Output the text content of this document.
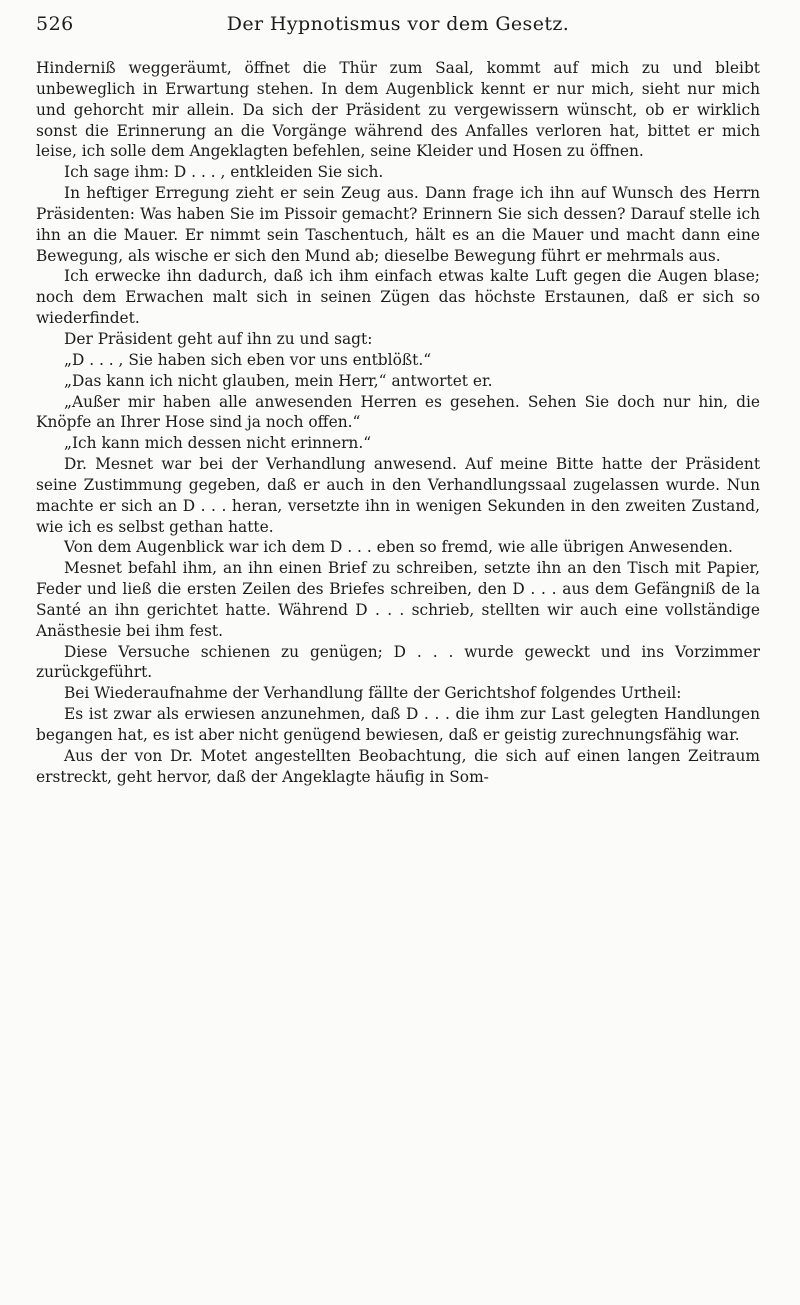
526	Der Hypnotismus vor dem Gesetz.

Hinderniß weggeräumt, öffnet die Thür zum Saal, kommt auf mich zu und bleibt unbeweglich in Erwartung stehen. In dem Augenblick kennt er nur mich, sieht nur mich und gehorcht mir allein. Da sich der Präsident zu vergewissern wünscht, ob er wirklich sonst die Erinnerung an die Vorgänge während des Anfalles verloren hat, bittet er mich leise, ich solle dem Angeklagten befehlen, seine Kleider und Hosen zu öffnen.

Ich sage ihm: D . . . , entkleiden Sie sich.

In heftiger Erregung zieht er sein Zeug aus. Dann frage ich ihn auf Wunsch des Herrn Präsidenten: Was haben Sie im Pissoir gemacht? Erinnern Sie sich dessen? Darauf stelle ich ihn an die Mauer. Er nimmt sein Taschentuch, hält es an die Mauer und macht dann eine Bewegung, als wische er sich den Mund ab; dieselbe Bewegung führt er mehrmals aus.

Ich erwecke ihn dadurch, daß ich ihm einfach etwas kalte Luft gegen die Augen blase; noch dem Erwachen malt sich in seinen Zügen das höchste Erstaunen, daß er sich so wiederfindet.

Der Präsident geht auf ihn zu und sagt:

„D . . . , Sie haben sich eben vor uns entblößt.“

„Das kann ich nicht glauben, mein Herr,“ antwortet er.

„Außer mir haben alle anwesenden Herren es gesehen. Sehen Sie doch nur hin, die Knöpfe an Ihrer Hose sind ja noch offen.“

„Ich kann mich dessen nicht erinnern.“

Dr. Mesnet war bei der Verhandlung anwesend. Auf meine Bitte hatte der Präsident seine Zustimmung gegeben, daß er auch in den Verhandlungssaal zugelassen wurde. Nun machte er sich an D . . . heran, versetzte ihn in wenigen Sekunden in den zweiten Zustand, wie ich es selbst gethan hatte.

Von dem Augenblick war ich dem D . . . eben so fremd, wie alle übrigen Anwesenden.

Mesnet befahl ihm, an ihn einen Brief zu schreiben, setzte ihn an den Tisch mit Papier, Feder und ließ die ersten Zeilen des Briefes schreiben, den D . . . aus dem Gefängniß de la Santé an ihn gerichtet hatte. Während D . . . schrieb, stellten wir auch eine vollständige Anästhesie bei ihm fest.

Diese Versuche schienen zu genügen; D . . . wurde geweckt und ins Vorzimmer zurückgeführt.

Bei Wiederaufnahme der Verhandlung fällte der Gerichtshof folgendes Urtheil:

Es ist zwar als erwiesen anzunehmen, daß D . . . die ihm zur Last gelegten Handlungen begangen hat, es ist aber nicht genügend bewiesen, daß er geistig zurechnungsfähig war.

Aus der von Dr. Motet angestellten Beobachtung, die sich auf einen langen Zeitraum erstreckt, geht hervor, daß der Angeklagte häufig in Som-
